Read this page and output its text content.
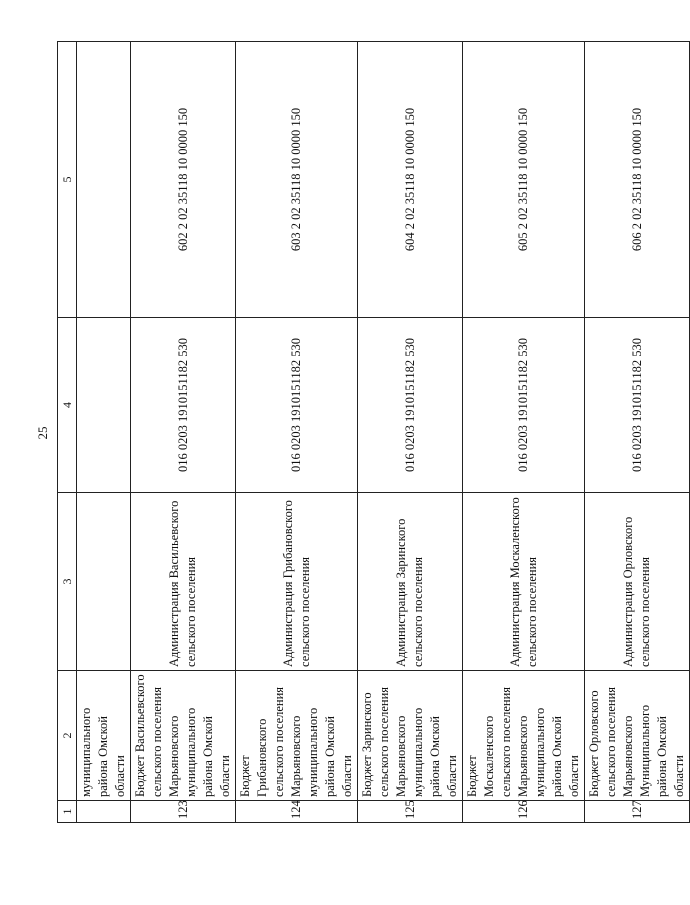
25
1	2	3	4	5
	муниципального района Омской области			
123	Бюджет Васильевского сельского поселения Марьяновского муниципального района Омской области	Администрация Васильевского сельского поселения	016 0203 1910151182 530	602 2 02 35118 10 0000 150
124	Бюджет Грибановского сельского поселения Марьяновского муниципального района Омской области	Администрация Грибановского сельского поселения	016 0203 1910151182 530	603 2 02 35118 10 0000 150
125	Бюджет Заринского сельского поселения Марьяновского муниципального района Омской области	Администрация Заринского сельского поселения	016 0203 1910151182 530	604 2 02 35118 10 0000 150
126	Бюджет Москаленского сельского поселения Марьяновского муниципального района Омской области	Администрация Москаленского сельского поселения	016 0203 1910151182 530	605 2 02 35118 10 0000 150
127	Бюджет Орловского сельского поселения Марьяновского Муниципального района Омской области	Администрация Орловского сельского поселения	016 0203 1910151182 530	606 2 02 35118 10 0000 150
